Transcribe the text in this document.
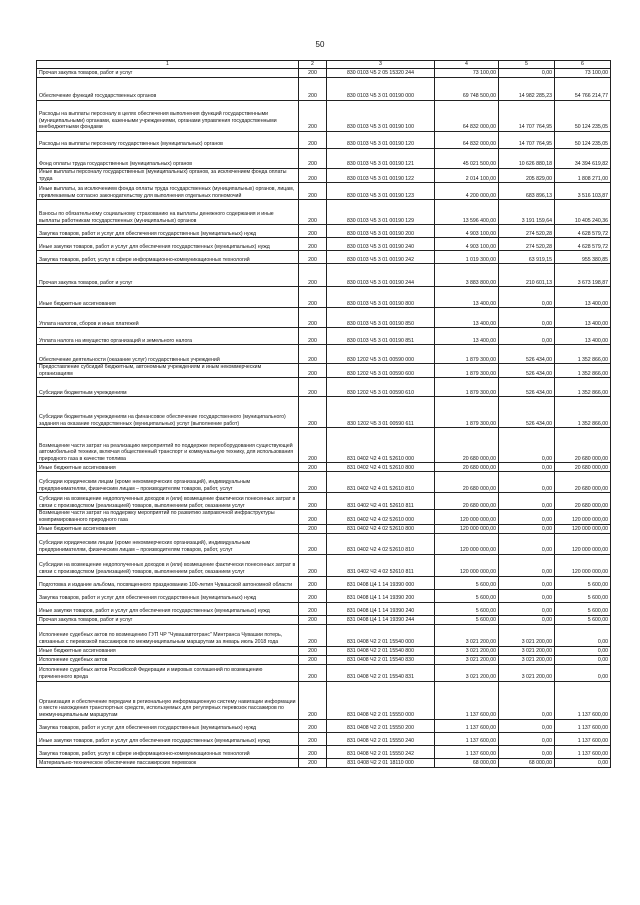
50
1	2	3	4	5	6
Прочая закупка товаров, работ и услуг	200	830 0103 Ч5 2 05 15320 244	73 100,00	0,00	73 100,00
Обеспечение функций государственных органов	200	830 0103 Ч5 3 01 00190 000	69 748 500,00	14 982 285,23	54 766 214,77
Расходы на выплаты персоналу в целях обеспечения выполнения функций государственными (муниципальными) органами, казенными учреждениями, органами управления государственными внебюджетными фондами	200	830 0103 Ч5 3 01 00190 100	64 832 000,00	14 707 764,95	50 124 235,05
Расходы на выплаты персоналу государственных (муниципальных) органов	200	830 0103 Ч5 3 01 00190 120	64 832 000,00	14 707 764,95	50 124 235,05
Фонд оплаты труда государственных (муниципальных) органов	200	830 0103 Ч5 3 01 00190 121	45 021 500,00	10 626 880,18	34 394 619,82
Иные выплаты персоналу государственных (муниципальных) органов, за исключением фонда оплаты труда	200	830 0103 Ч5 3 01 00190 122	2 014 100,00	205 829,00	1 808 271,00
Иные выплаты, за исключением фонда оплаты труда государственных (муниципальных) органов, лицам, привлекаемым согласно законодательству для выполнения отдельных полномочий	200	830 0103 Ч5 3 01 00190 123	4 200 000,00	683 896,13	3 516 103,87
Взносы по обязательному социальному страхованию на выплаты денежного содержания и иные выплаты работникам государственных (муниципальных) органов	200	830 0103 Ч5 3 01 00190 129	13 596 400,00	3 191 159,64	10 405 240,36
Закупка товаров, работ и услуг для обеспечения государственных (муниципальных) нужд	200	830 0103 Ч5 3 01 00190 200	4 903 100,00	274 520,28	4 628 579,72
Иные закупки товаров, работ и услуг для обеспечения государственных (муниципальных) нужд	200	830 0103 Ч5 3 01 00190 240	4 903 100,00	274 520,28	4 628 579,72
Закупка товаров, работ, услуг в сфере информационно-коммуникационных технологий	200	830 0103 Ч5 3 01 00190 242	1 019 300,00	63 919,15	955 380,85
Прочая закупка товаров, работ и услуг	200	830 0103 Ч5 3 01 00190 244	3 883 800,00	210 601,13	3 673 198,87
Иные бюджетные ассигнования	200	830 0103 Ч5 3 01 00190 800	13 400,00	0,00	13 400,00
Уплата налогов, сборов и иных платежей	200	830 0103 Ч5 3 01 00190 850	13 400,00	0,00	13 400,00
Уплата налога на имущество организаций и земельного налога	200	830 0103 Ч5 3 01 00190 851	13 400,00	0,00	13 400,00
Обеспечение деятельности (оказание услуг) государственных учреждений	200	830 1202 Ч5 3 01 00590 000	1 879 300,00	526 434,00	1 352 866,00
Предоставление субсидий бюджетным, автономным учреждениям и иным некоммерческим организациям	200	830 1202 Ч5 3 01 00590 600	1 879 300,00	526 434,00	1 352 866,00
Субсидии бюджетным учреждениям	200	830 1202 Ч5 3 01 00590 610	1 879 300,00	526 434,00	1 352 866,00
Субсидии бюджетным учреждениям на финансовое обеспечение государственного (муниципального) задания на оказание государственных (муниципальных) услуг (выполнение работ)	200	830 1202 Ч5 3 01 00590 611	1 879 300,00	526 434,00	1 352 866,00
Возмещение части затрат на реализацию мероприятий по поддержке переоборудования существующей автомобильной техники, включая общественный транспорт и коммунальную технику, для использования природного газа в качестве топлива	200	831 0402 Ч2 4 01 52610 000	20 680 000,00	0,00	20 680 000,00
Иные бюджетные ассигнования	200	831 0402 Ч2 4 01 52610 800	20 680 000,00	0,00	20 680 000,00
Субсидии юридическим лицам (кроме некоммерческих организаций), индивидуальным предпринимателям, физическим лицам – производителям товаров, работ, услуг	200	831 0402 Ч2 4 01 52610 810	20 680 000,00	0,00	20 680 000,00
Субсидии на возмещение недополученных доходов и (или) возмещение фактически понесенных затрат в связи с производством (реализацией) товаров, выполнением работ, оказанием услуг	200	831 0402 Ч2 4 01 52610 811	20 680 000,00	0,00	20 680 000,00
Возмещение части затрат на поддержку мероприятий по развитию заправочной инфраструктуры компримированного природного газа	200	831 0402 Ч2 4 02 52610 000	120 000 000,00	0,00	120 000 000,00
Иные бюджетные ассигнования	200	831 0402 Ч2 4 02 52610 800	120 000 000,00	0,00	120 000 000,00
Субсидии юридическим лицам (кроме некоммерческих организаций), индивидуальным предпринимателям, физическим лицам – производителям товаров, работ, услуг	200	831 0402 Ч2 4 02 52610 810	120 000 000,00	0,00	120 000 000,00
Субсидии на возмещение недополученных доходов и (или) возмещение фактически понесенных затрат в связи с производством (реализацией) товаров, выполнением работ, оказанием услуг	200	831 0402 Ч2 4 02 52610 811	120 000 000,00	0,00	120 000 000,00
Подготовка и издание альбома, посвященного празднованию 100-летия Чувашской автономной области	200	831 0408 Ц4 1 14 19390 000	5 600,00	0,00	5 600,00
Закупка товаров, работ и услуг для обеспечения государственных (муниципальных) нужд	200	831 0408 Ц4 1 14 19390 200	5 600,00	0,00	5 600,00
Иные закупки товаров, работ и услуг для обеспечения государственных (муниципальных) нужд	200	831 0408 Ц4 1 14 19390 240	5 600,00	0,00	5 600,00
Прочая закупка товаров, работ и услуг	200	831 0408 Ц4 1 14 19390 244	5 600,00	0,00	5 600,00
Исполнение судебных актов по возмещению ГУП ЧР "Чувашавтотранс" Минтранса Чувашии потерь, связанных с перевозкой пассажиров по межмуниципальным маршрутам за январь июль 2018 года	200	831 0408 Ч2 2 01 15540 000	3 021 200,00	3 021 200,00	0,00
Иные бюджетные ассигнования	200	831 0408 Ч2 2 01 15540 800	3 021 200,00	3 021 200,00	0,00
Исполнение судебных актов	200	831 0408 Ч2 2 01 15540 830	3 021 200,00	3 021 200,00	0,00
Исполнение судебных актов Российской Федерации и мировых соглашений по возмещению причиненного вреда	200	831 0408 Ч2 2 01 15540 831	3 021 200,00	3 021 200,00	0,00
Организация и обеспечение передачи в региональную информационную систему навигации информации о месте нахождения транспортных средств, используемых для регулярных перевозок пассажиров по межмуниципальным маршрутам	200	831 0408 Ч2 2 01 15550 000	1 137 600,00	0,00	1 137 600,00
Закупка товаров, работ и услуг для обеспечения государственных (муниципальных) нужд	200	831 0408 Ч2 2 01 15550 200	1 137 600,00	0,00	1 137 600,00
Иные закупки товаров, работ и услуг для обеспечения государственных (муниципальных) нужд	200	831 0408 Ч2 2 01 15550 240	1 137 600,00	0,00	1 137 600,00
Закупка товаров, работ, услуг в сфере информационно-коммуникационных технологий	200	831 0408 Ч2 2 01 15550 242	1 137 600,00	0,00	1 137 600,00
Материально-техническое обеспечение пассажирских перевозок	200	831 0408 Ч2 2 01 18110 000	68 000,00	68 000,00	0,00
